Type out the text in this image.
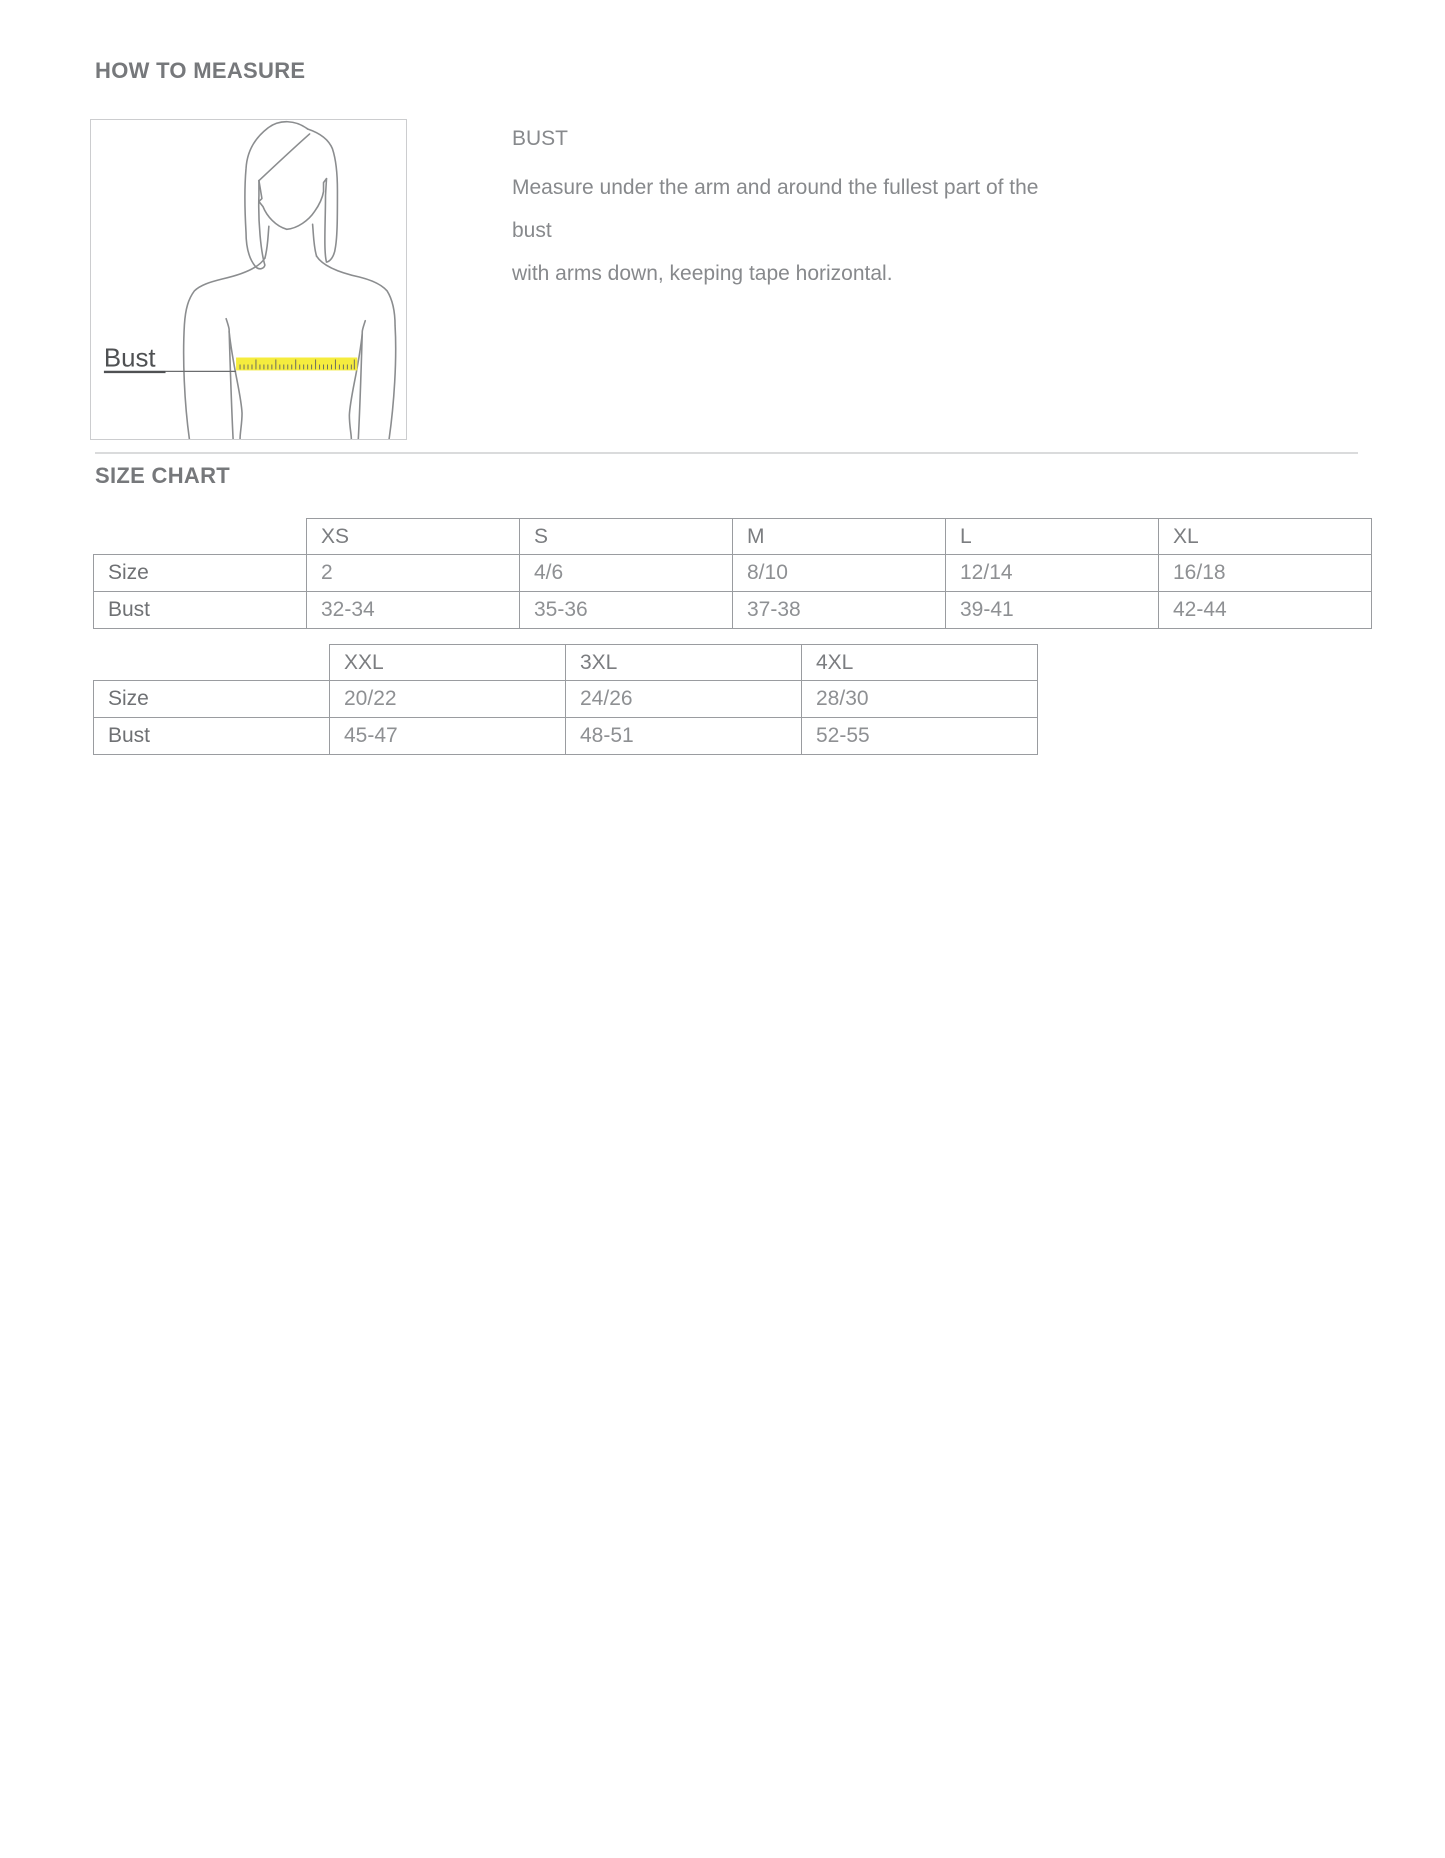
HOW TO MEASURE
Bust
BUST
Measure under the arm and around the fullest part of the bust
with arms down, keeping tape horizontal.
SIZE CHART
	XS	S	M	L	XL
Size	2	4/6	8/10	12/14	16/18
Bust	32-34	35-36	37-38	39-41	42-44
	XXL	3XL	4XL
Size	20/22	24/26	28/30
Bust	45-47	48-51	52-55
